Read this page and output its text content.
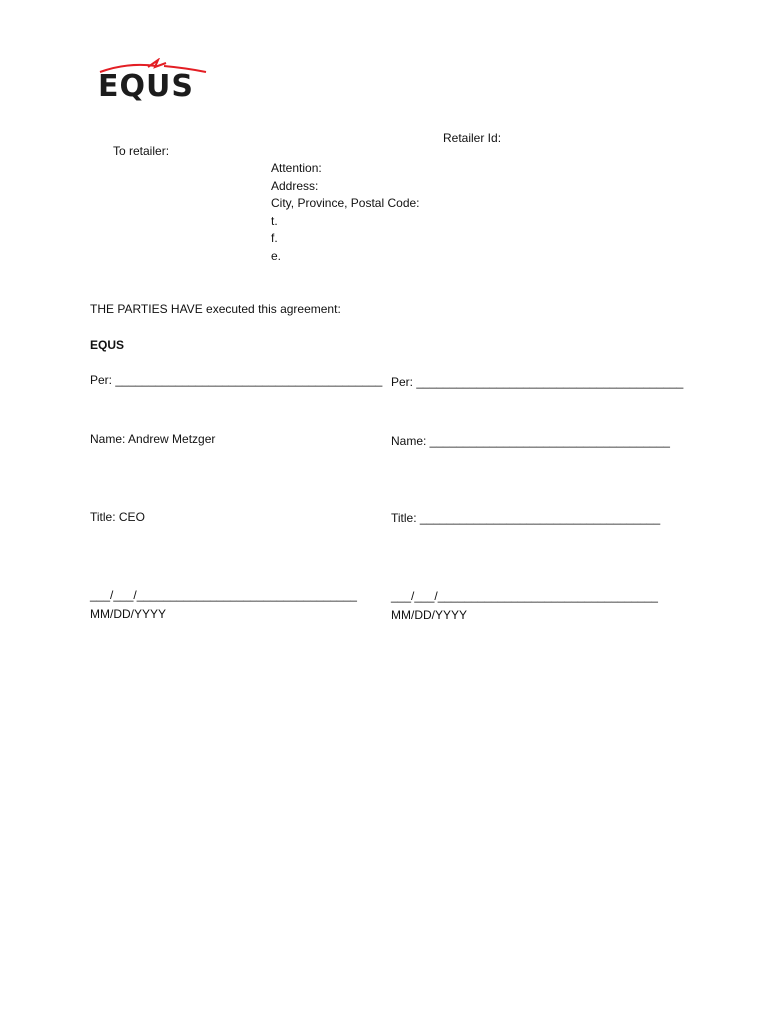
EQUS
Retailer Id:
To retailer:
Attention:
Address:
City, Province, Postal Code:
t.
f.
e.
THE PARTIES HAVE executed this agreement:
EQUS
Per: ________________________________________
Name: Andrew Metzger
Title: CEO
___/___/_________________________________
MM/DD/YYYY
Per: ________________________________________
Name: ____________________________________
Title: ____________________________________
___/___/_________________________________
MM/DD/YYYY
